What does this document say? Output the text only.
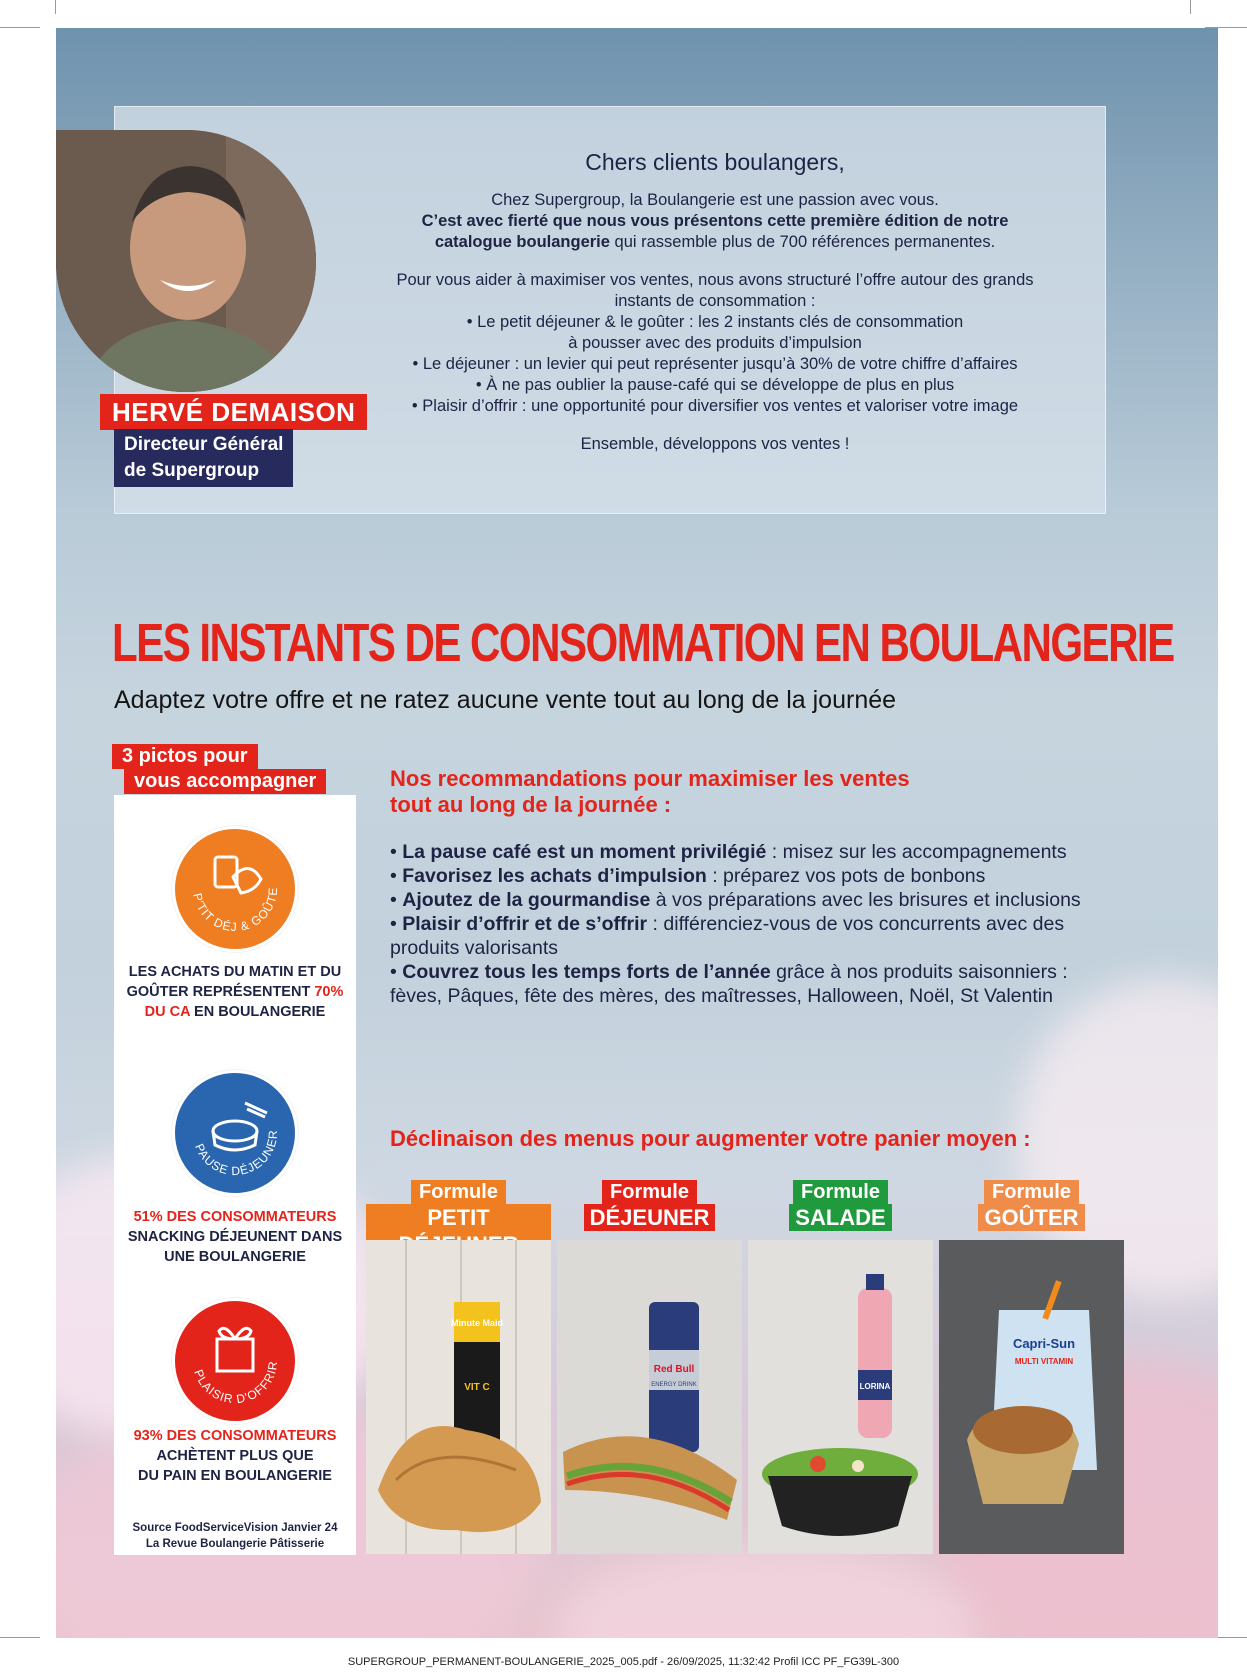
Chers clients boulangers,
Chez Supergroup, la Boulangerie est une passion avec vous.
C’est avec fierté que nous vous présentons cette première édition de notre
catalogue boulangerie qui rassemble plus de 700 références permanentes.
Pour vous aider à maximiser vos ventes, nous avons structuré l’offre autour des grands
instants de consommation :
• Le petit déjeuner & le goûter : les 2 instants clés de consommation
à pousser avec des produits d’impulsion
• Le déjeuner : un levier qui peut représenter jusqu’à 30% de votre chiffre d’affaires
• À ne pas oublier la pause-café qui se développe de plus en plus
• Plaisir d’offrir : une opportunité pour diversifier vos ventes et valoriser votre image
Ensemble, développons vos ventes !
HERVÉ DEMAISON
Directeur Général
de Supergroup
LES INSTANTS DE CONSOMMATION EN BOULANGERIE
Adaptez votre offre et ne ratez aucune vente tout au long de la journée
3 pictos pour
vous accompagner
P'TIT DÉJ & GOÛTE
LES ACHATS DU MATIN ET DU
GOÛTER REPRÉSENTENT 70%
DU CA EN BOULANGERIE
PAUSE DÉJEUNER
51% DES CONSOMMATEURS
SNACKING DÉJEUNENT DANS
UNE BOULANGERIE
PLAISIR D'OFFRIR
93% DES CONSOMMATEURS
ACHÈTENT PLUS QUE
DU PAIN EN BOULANGERIE
Source FoodServiceVision Janvier 24
La Revue Boulangerie Pâtisserie
Nos recommandations pour maximiser les ventes
tout au long de la journée :
• La pause café est un moment privilégié : misez sur les accompagnements
• Favorisez les achats d’impulsion : préparez vos pots de bonbons
• Ajoutez de la gourmandise à vos préparations avec les brisures et inclusions
• Plaisir d’offrir et de s’offrir : différenciez-vous de vos concurrents avec des produits valorisants
• Couvrez tous les temps forts de l’année grâce à nos produits saisonniers : fèves, Pâques, fête des mères, des maîtresses, Halloween, Noël, St Valentin
Déclinaison des menus pour augmenter votre panier moyen :
Formule
PETIT
Formule
DÉJEUNER
Formule
SALADE
Formule
GOÛTER
Minute Maid
VIT C
Red Bull
ENERGY DRINK	LORINA
Capri-Sun
MULTI VITAMIN
SUPERGROUP_PERMANENT-BOULANGERIE_2025_005.pdf - 26/09/2025, 11:32:42 Profil ICC PF_FG39L-300
